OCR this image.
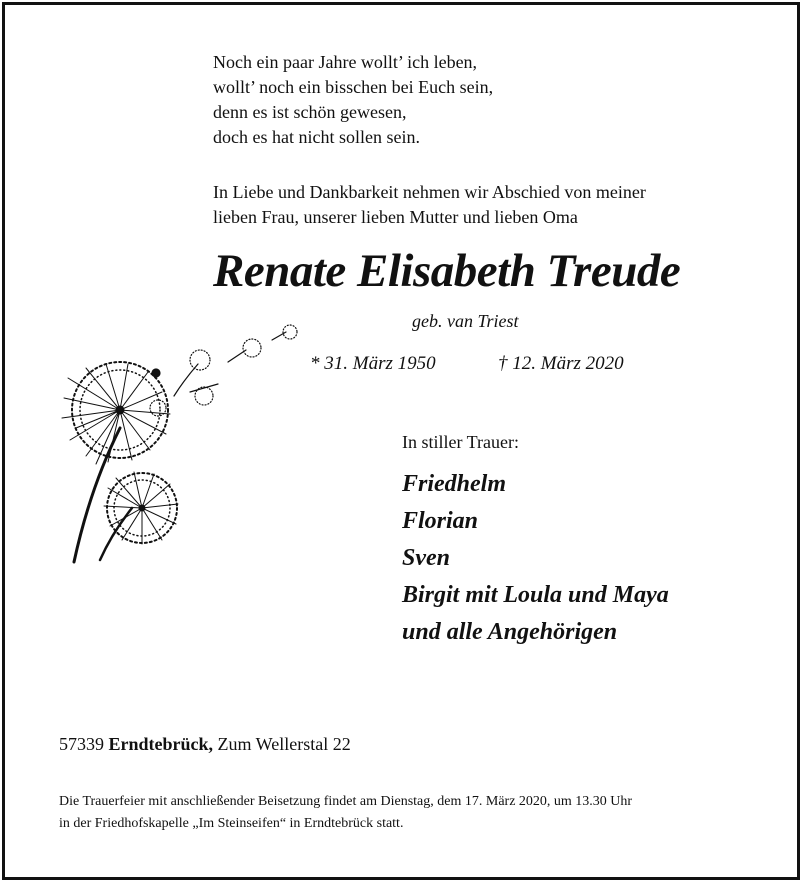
Noch ein paar Jahre wollt’ ich leben,
wollt’ noch ein bisschen bei Euch sein,
denn es ist schön gewesen,
doch es hat nicht sollen sein.
In Liebe und Dankbarkeit nehmen wir Abschied von meiner
lieben Frau, unserer lieben Mutter und lieben Oma
Renate Elisabeth Treude
geb. van Triest
* 31. März 1950	† 12. März 2020
In stiller Trauer:
Friedhelm
Florian
Sven
Birgit mit Loula und Maya
und alle Angehörigen
57339 Erndtebrück, Zum Wellerstal 22
Die Trauerfeier mit anschließender Beisetzung findet am Dienstag, dem 17. März 2020, um 13.30 Uhr
in der Friedhofskapelle „Im Steinseifen“ in Erndtebrück statt.
